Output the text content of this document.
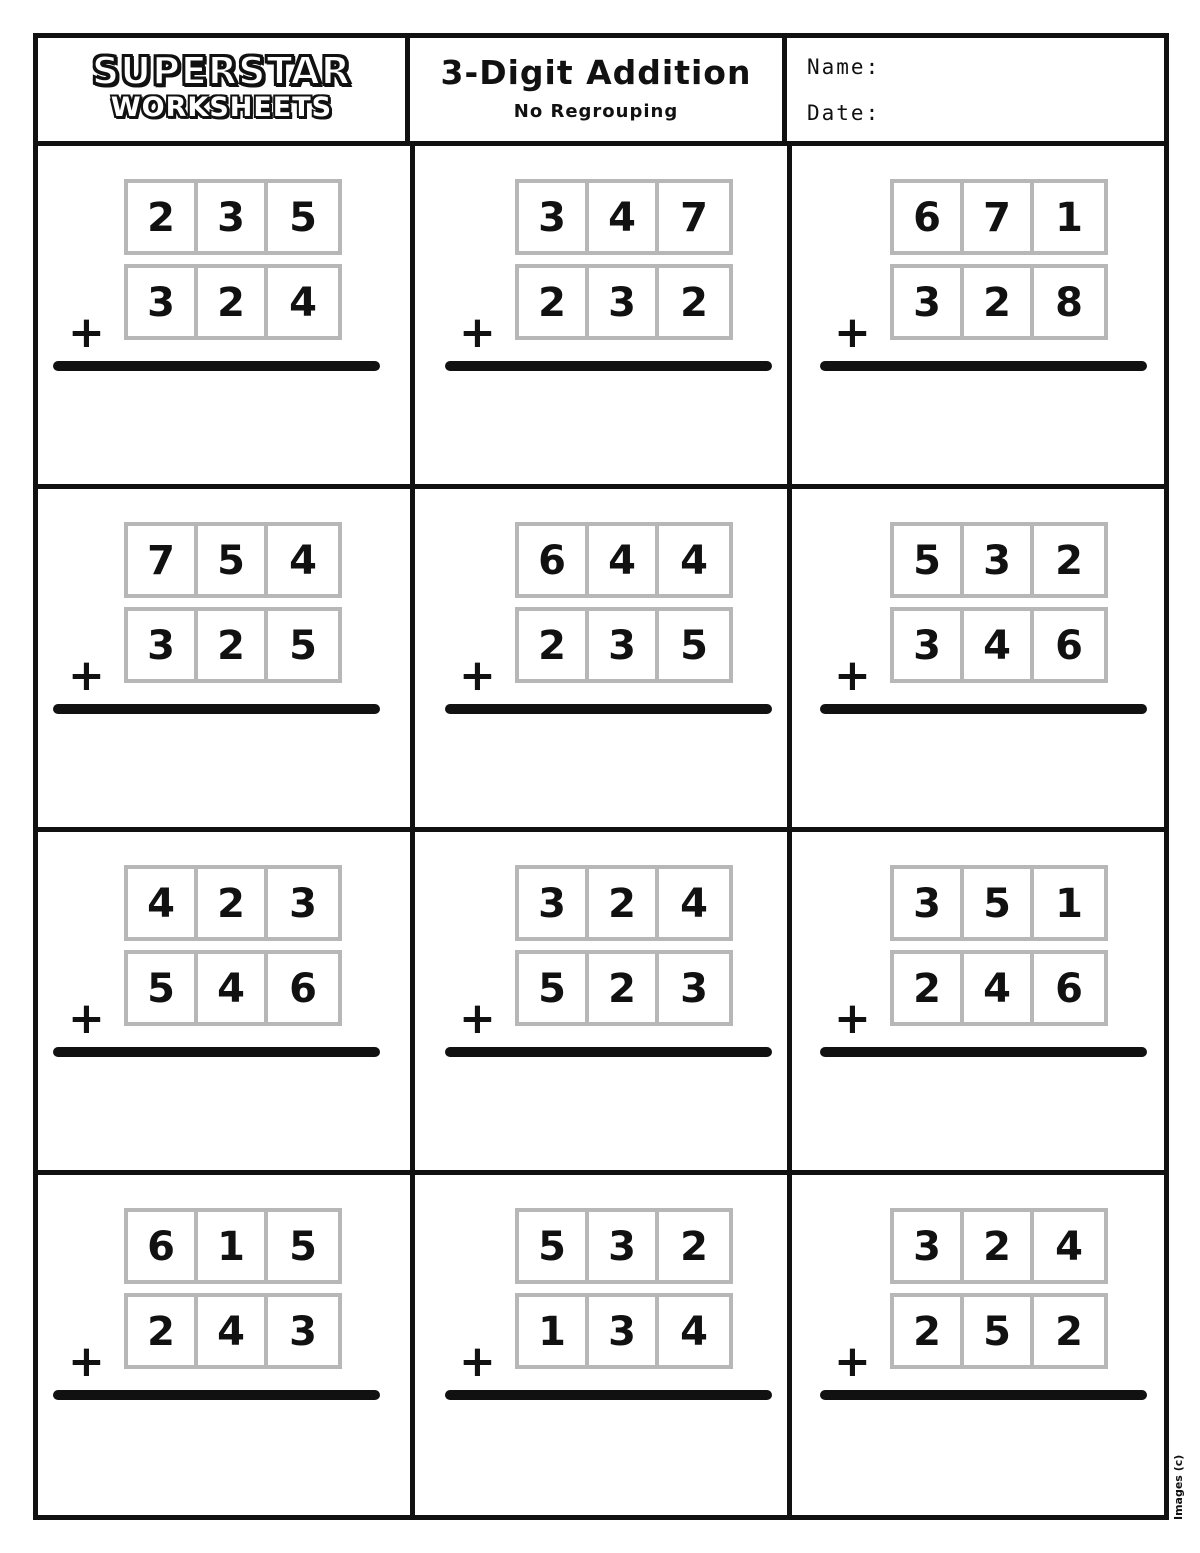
SUPERSTAR
WORKSHEETS
3-Digit Addition
No Regrouping
Name:
Date:
2	3	5
3	2	4
+
3	4	7
2	3	2
+
6	7	1
3	2	8
+
7	5	4
3	2	5
+
6	4	4
2	3	5
+
5	3	2
3	4	6
+
4	2	3
5	4	6
+
3	2	4
5	2	3
+
3	5	1
2	4	6
+
6	1	5
2	4	3
+
5	3	2
1	3	4
+
3	2	4
2	5	2
+
Images (c)
